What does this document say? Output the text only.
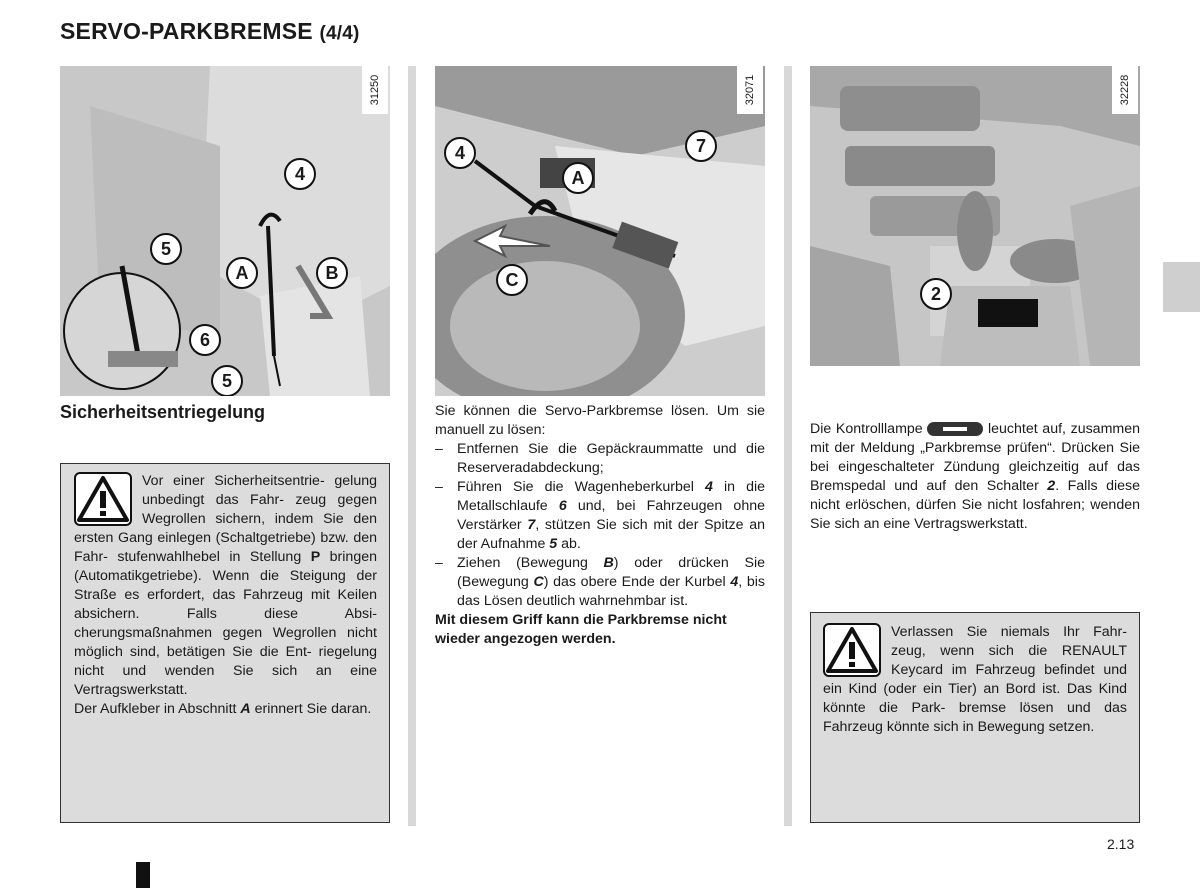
SERVO-PARKBREMSE (4/4)
31250
4
5
A	B
6
5
32071
4	7
A
C
32228
2
Sicherheitsentriegelung
Vor einer Sicherheitsentrie- gelung unbedingt das Fahr- zeug gegen Wegrollen sichern, indem Sie den ersten Gang einlegen (Schaltgetriebe) bzw. den Fahr- stufenwahlhebel in Stellung P bringen (Automatikgetriebe). Wenn die Steigung der Straße es erfordert, das Fahrzeug mit Keilen absichern. Falls diese Absi- cherungsmaßnahmen gegen Wegrollen nicht möglich sind, betätigen Sie die Ent- riegelung nicht und wenden Sie sich an eine Vertragswerkstatt.
Der Aufkleber in Abschnitt A erinnert Sie daran.

Sie können die Servo-Parkbremse lösen. Um sie manuell zu lösen:

– Entfernen Sie die Gepäckraummatte und die Reserveradabdeckung;
– Führen Sie die Wagenheberkurbel 4 in die Metallschlaufe 6 und, bei Fahrzeugen ohne Verstärker 7, stützen Sie sich mit der Spitze an der Aufnahme 5 ab.
– Ziehen (Bewegung B) oder drücken Sie (Bewegung C) das obere Ende der Kurbel 4, bis das Lösen deutlich wahrnehmbar ist.

Mit diesem Griff kann die Parkbremse nicht wieder angezogen werden.

Die Kontrolllampe	leuchtet auf, zusammen mit der Meldung „Parkbremse prüfen“. Drücken Sie bei eingeschalteter Zündung gleichzeitig auf das Bremspedal und auf den Schalter 2. Falls diese nicht erlöschen, dürfen Sie nicht losfahren; wenden Sie sich an eine Vertragswerkstatt.

Verlassen Sie niemals Ihr Fahr- zeug, wenn sich die RENAULT Keycard im Fahrzeug befindet und ein Kind (oder ein Tier) an Bord ist. Das Kind könnte die Park- bremse lösen und das Fahrzeug könnte sich in Bewegung setzen.
2.13
